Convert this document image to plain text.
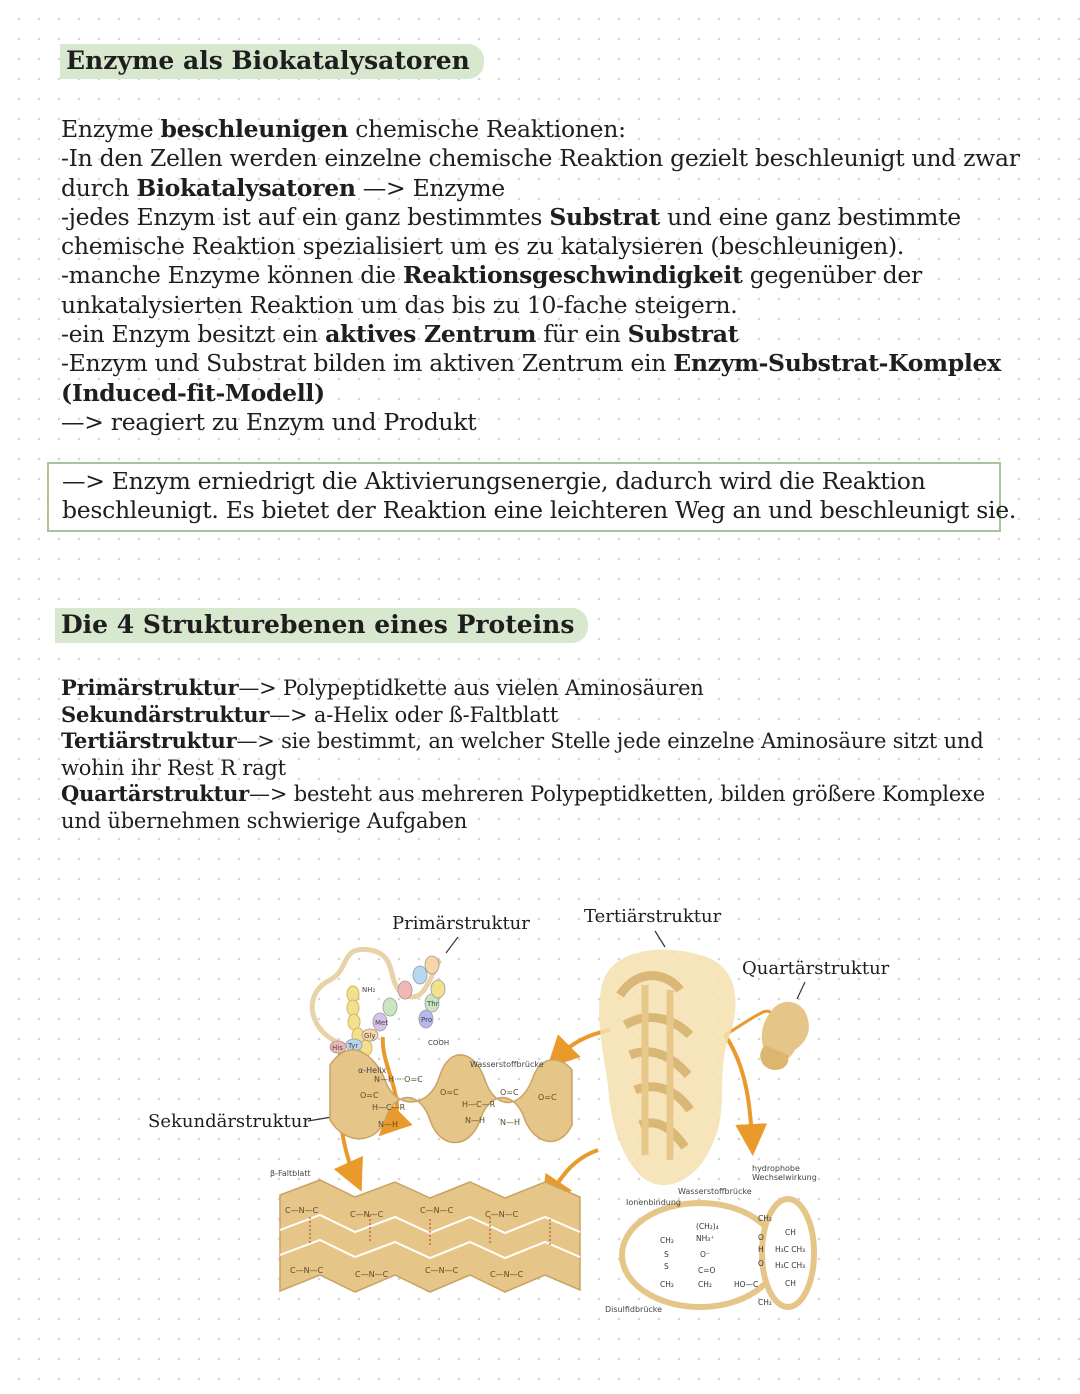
Enzyme als Biokatalysatoren

Enzyme beschleunigen chemische Reaktionen:

-In den Zellen werden einzelne chemische Reaktion gezielt beschleunigt und zwar

durch Biokatalysatoren —> Enzyme

-jedes Enzym ist auf ein ganz bestimmtes Substrat und eine ganz bestimmte

chemische Reaktion spezialisiert um es zu katalysieren (beschleunigen).

-manche Enzyme können die Reaktionsgeschwindigkeit gegenüber der

unkatalysierten Reaktion um das bis zu 10-fache steigern.

-ein Enzym besitzt ein aktives Zentrum für ein Substrat

-Enzym und Substrat bilden im aktiven Zentrum ein Enzym-Substrat-Komplex

(Induced-fit-Modell)

—> reagiert zu Enzym und Produkt

—> Enzym erniedrigt die Aktivierungsenergie, dadurch wird die Reaktion

beschleunigt. Es bietet der Reaktion eine leichteren Weg an und beschleunigt sie.

Die 4 Strukturebenen eines Proteins

Primärstruktur—> Polypeptidkette aus vielen Aminosäuren

Sekundärstruktur—> a-Helix oder ß-Faltblatt

Tertiärstruktur—> sie bestimmt, an welcher Stelle jede einzelne Aminosäure sitzt und

wohin ihr Rest R ragt

Quartärstruktur—> besteht aus mehreren Polypeptidketten, bilden größere Komplexe

und übernehmen schwierige Aufgaben

Primärstruktur	Tertiärstruktur
Quartärstruktur
Sekundärstruktur
His Tyr
Gly
Met	Pro
Thr
NH₂
COOH
N—H····O=C
O=C
H—C—R
N—H
O=C
H—C—R
N—H
O=C
N—H
O=C
α-Helix
Wasserstoffbrücke
C—N—C	C—N—C	C—N—C	C—N—C
C—N—C	C—N—C	C—N—C	C—N—C
β-Faltblatt
CH₂
S
S
CH₂
(CH₂)₄
NH₃⁺
O⁻
C=O
CH₂
CH₂
O
H
O
HO—C
CH₂
CH
H₃C CH₃
H₃C CH₃
CH
Ionenbindung
Wasserstoffbrücke
Disulfidbrücke
hydrophobe
Wechselwirkung
